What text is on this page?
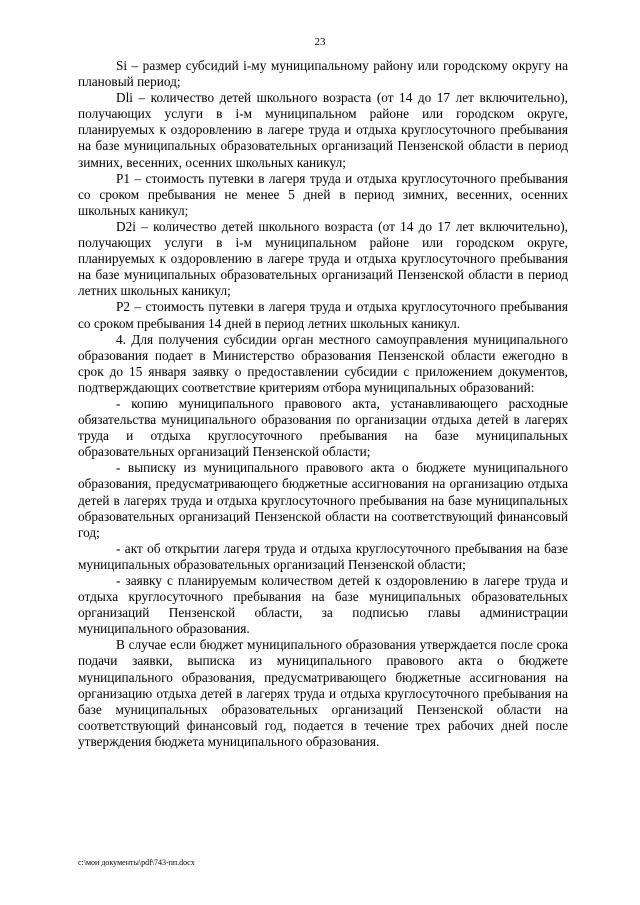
23

Si – размер субсидий i-му муниципальному району или городскому округу на плановый период;

Dli – количество детей школьного возраста (от 14 до 17 лет включительно), получающих услуги в i-м муниципальном районе или городском округе, планируемых к оздоровлению в лагере труда и отдыха круглосуточного пребывания на базе муниципальных образовательных организаций Пензенской области в период зимних, весенних, осенних школьных каникул;

P1 – стоимость путевки в лагеря труда и отдыха круглосуточного пребывания со сроком пребывания не менее 5 дней в период зимних, весенних, осенних школьных каникул;

D2i – количество детей школьного возраста (от 14 до 17 лет включительно), получающих услуги в i-м муниципальном районе или городском округе, планируемых к оздоровлению в лагере труда и отдыха круглосуточного пребывания на базе муниципальных образовательных организаций Пензенской области в период летних школьных каникул;

P2 – стоимость путевки в лагеря труда и отдыха круглосуточного пребывания со сроком пребывания 14 дней в период летних школьных каникул.

4. Для получения субсидии орган местного самоуправления муниципального образования подает в Министерство образования Пензенской области ежегодно в срок до 15 января заявку о предоставлении субсидии с приложением документов, подтверждающих соответствие критериям отбора муниципальных образований:

- копию муниципального правового акта, устанавливающего расходные обязательства муниципального образования по организации отдыха детей в лагерях труда и отдыха круглосуточного пребывания на базе муниципальных образовательных организаций Пензенской области;

- выписку из муниципального правового акта о бюджете муниципального образования, предусматривающего бюджетные ассигнования на организацию отдыха детей в лагерях труда и отдыха круглосуточного пребывания на базе муниципальных образовательных организаций Пензенской области на соответствующий финансовый год;

- акт об открытии лагеря труда и отдыха круглосуточного пребывания на базе муниципальных образовательных организаций Пензенской области;

- заявку с планируемым количеством детей к оздоровлению в лагере труда и отдыха круглосуточного пребывания на базе муниципальных образовательных организаций Пензенской области, за подписью главы администрации муниципального образования.

В случае если бюджет муниципального образования утверждается после срока подачи заявки, выписка из муниципального правового акта о бюджете муниципального образования, предусматривающего бюджетные ассигнования на организацию отдыха детей в лагерях труда и отдыха круглосуточного пребывания на базе муниципальных образовательных организаций Пензенской области на соответствующий финансовый год, подается в течение трех рабочих дней после утверждения бюджета муниципального образования.

c:\мои документы\pdf\743-пп.docx
